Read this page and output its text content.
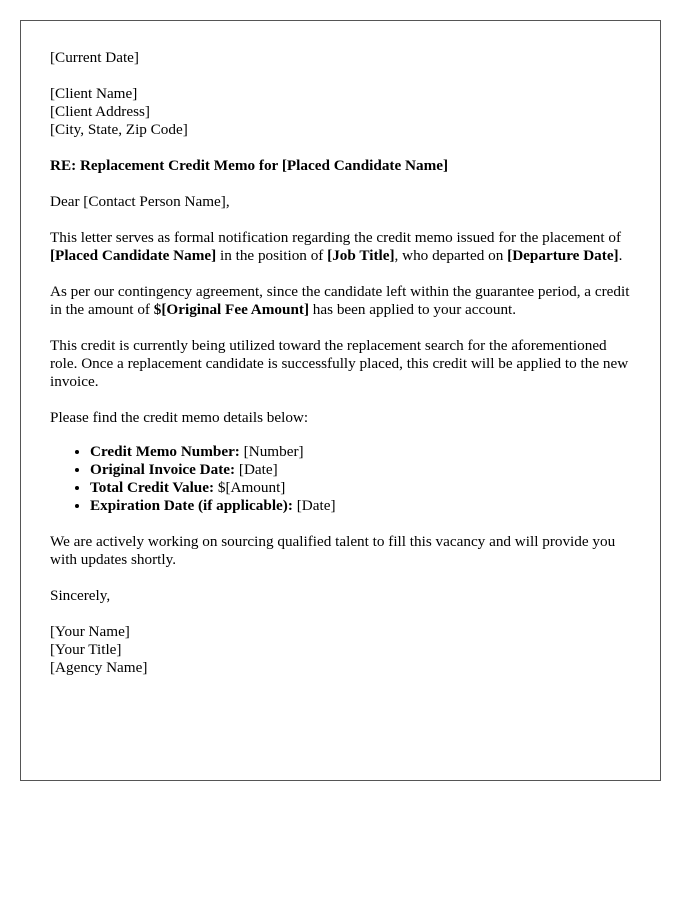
[Current Date]

[Client Name]
[Client Address]
[City, State, Zip Code]

RE: Replacement Credit Memo for [Placed Candidate Name]

Dear [Contact Person Name],

This letter serves as formal notification regarding the credit memo issued for the placement of [Placed Candidate Name] in the position of [Job Title], who departed on [Departure Date].

As per our contingency agreement, since the candidate left within the guarantee period, a credit in the amount of $[Original Fee Amount] has been applied to your account.

This credit is currently being utilized toward the replacement search for the aforementioned role. Once a replacement candidate is successfully placed, this credit will be applied to the new invoice.

Please find the credit memo details below:

• Credit Memo Number: [Number]
• Original Invoice Date: [Date]
• Total Credit Value: $[Amount]
• Expiration Date (if applicable): [Date]

We are actively working on sourcing qualified talent to fill this vacancy and will provide you with updates shortly.

Sincerely,

[Your Name]
[Your Title]
[Agency Name]
